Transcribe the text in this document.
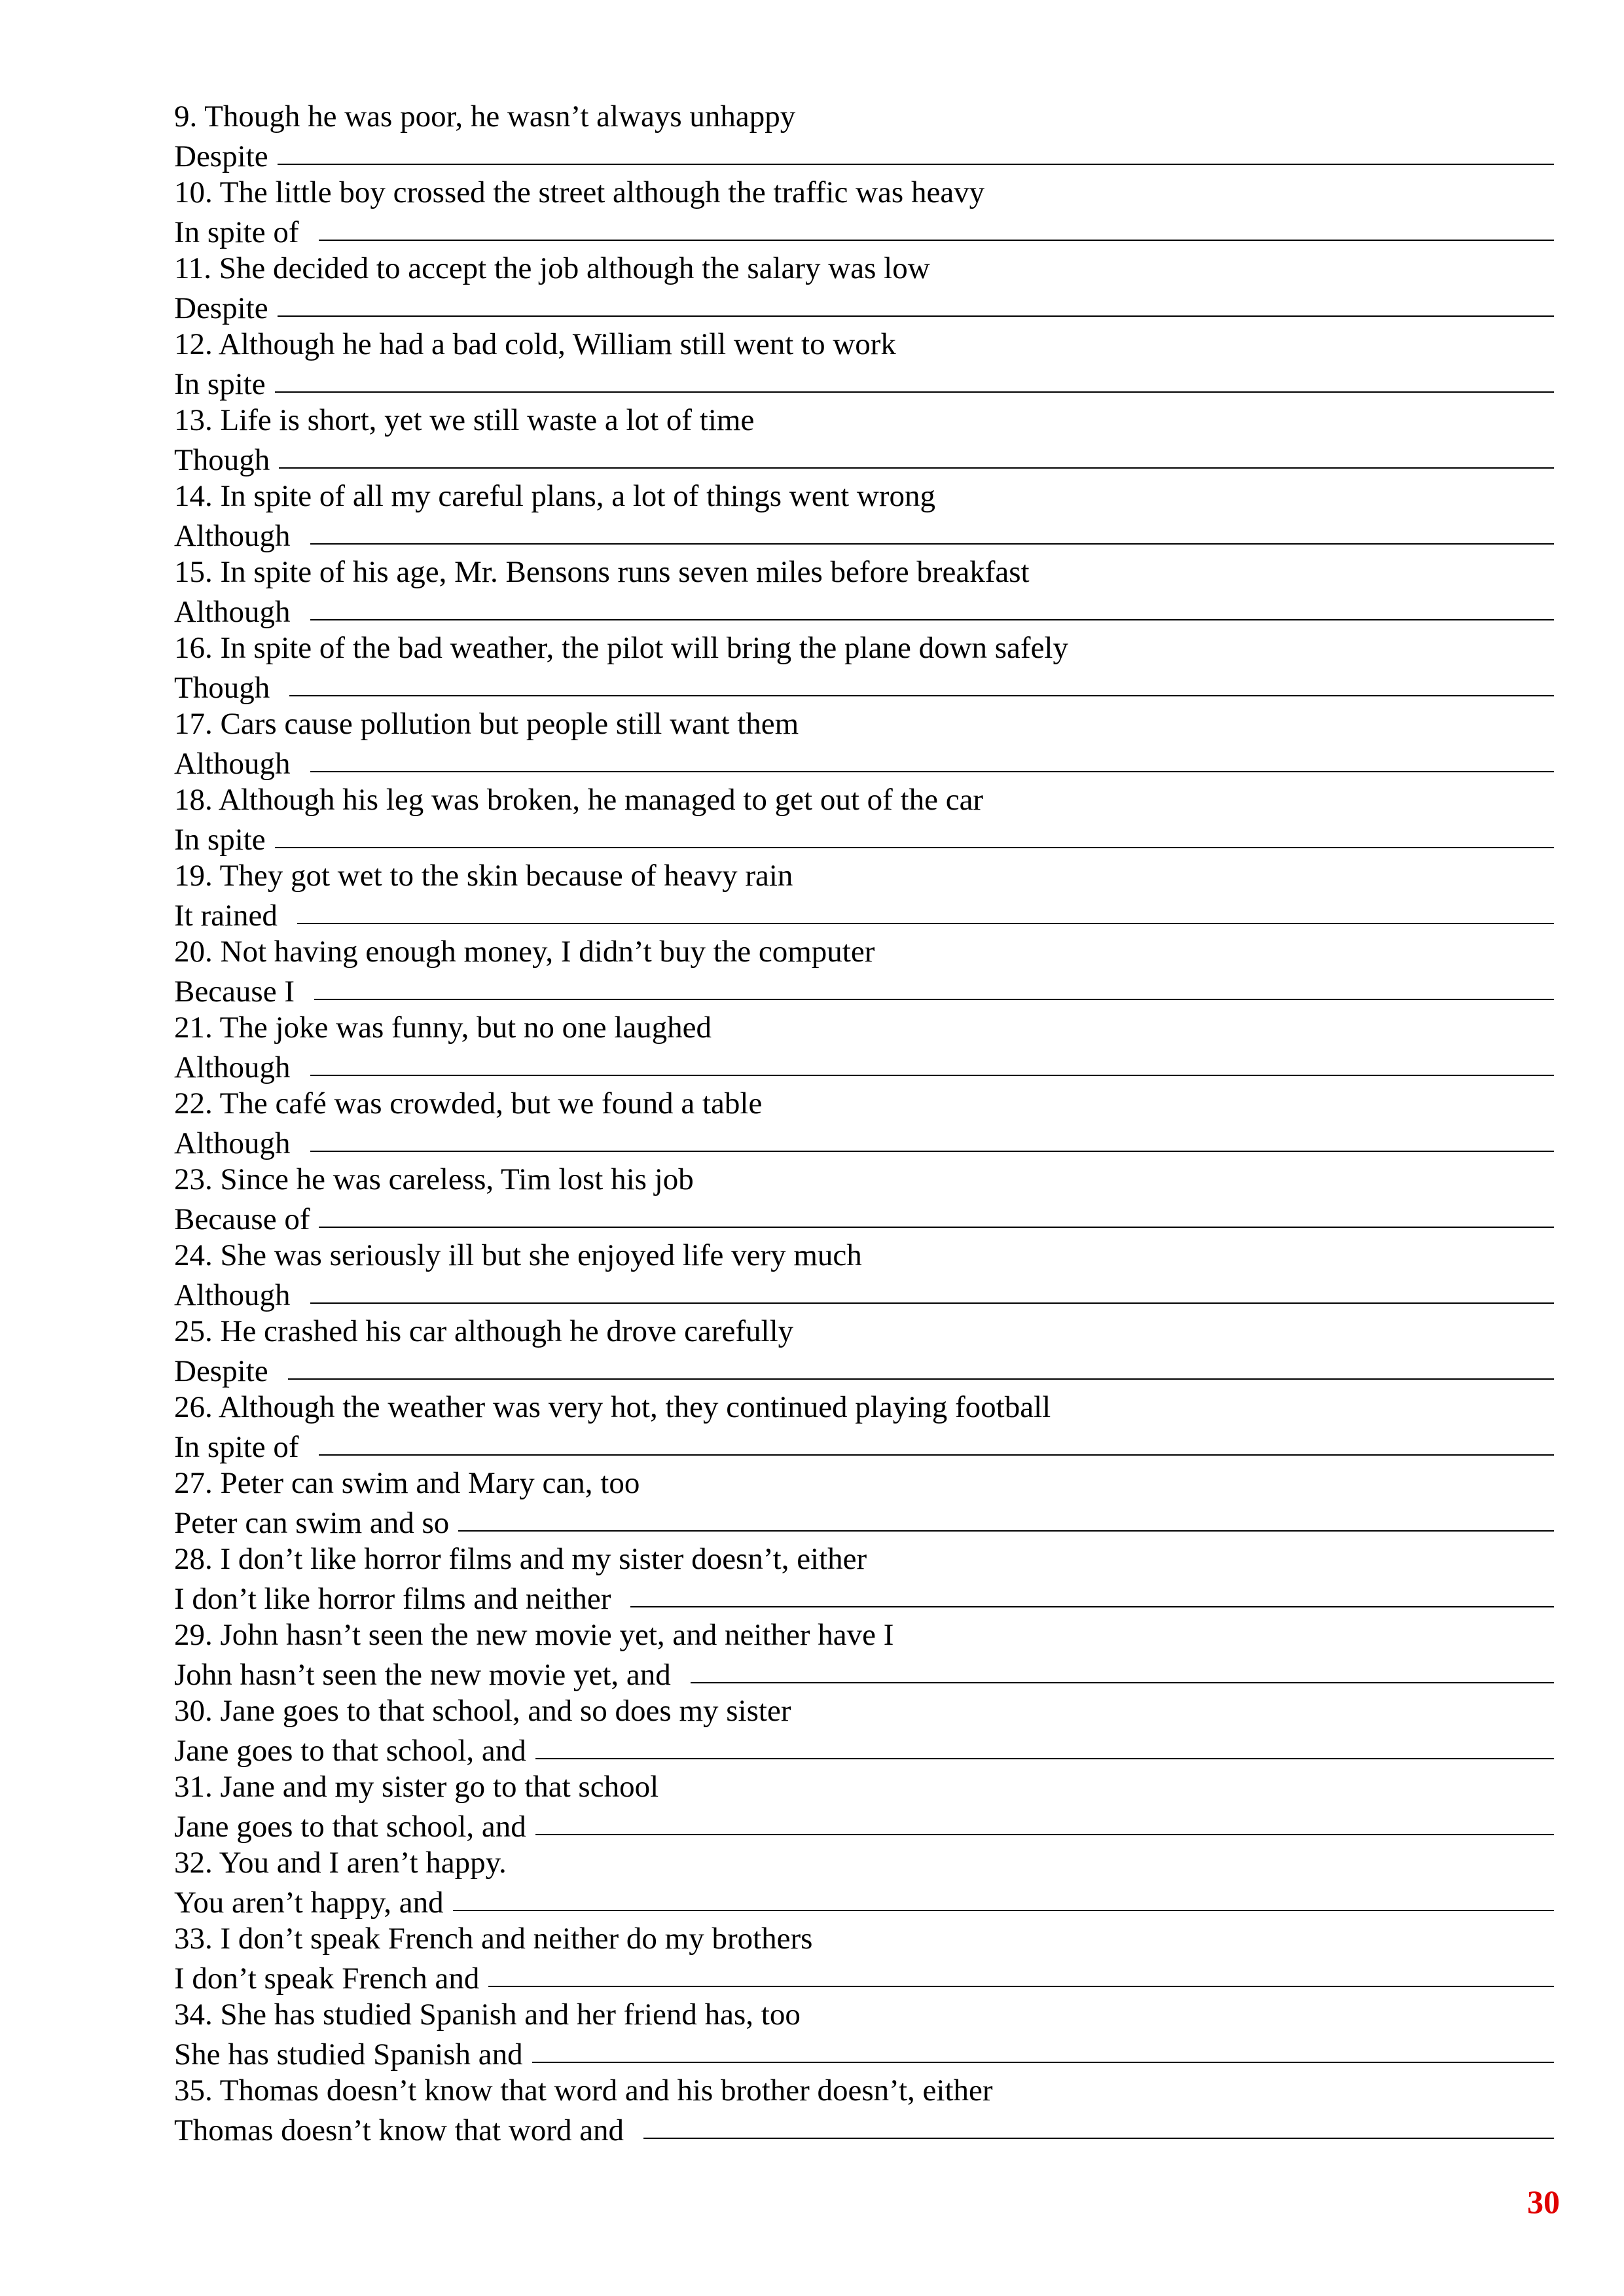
9. Though he was poor, he wasn’t always unhappy
Despite
10. The little boy crossed the street although the traffic was heavy
In spite of
11. She decided to accept the job although the salary was low
Despite
12. Although he had a bad cold, William still went to work
In spite
13. Life is short, yet we still waste a lot of time
Though
14. In spite of all my careful plans, a lot of things went wrong
Although
15. In spite of his age, Mr. Bensons runs seven miles before breakfast
Although
16. In spite of the bad weather, the pilot will bring the plane down safely
Though
17. Cars cause pollution but people still want them
Although
18. Although his leg was broken, he managed to get out of the car
In spite
19. They got wet to the skin because of heavy rain
It rained
20. Not having enough money, I didn’t buy the computer
Because I
21. The joke was funny, but no one laughed
Although
22. The café was crowded, but we found a table
Although
23. Since he was careless, Tim lost his job
Because of
24. She was seriously ill but she enjoyed life very much
Although
25. He crashed his car although he drove carefully
Despite
26. Although the weather was very hot, they continued playing football
In spite of
27. Peter can swim and Mary can, too
Peter can swim and so
28. I don’t like horror films and my sister doesn’t, either
I don’t like horror films and neither
29. John hasn’t seen the new movie yet, and neither have I
John hasn’t seen the new movie yet, and
30. Jane goes to that school, and so does my sister
Jane goes to that school, and
31. Jane and my sister go to that school
Jane goes to that school, and
32. You and I aren’t happy.
You aren’t happy, and
33. I don’t speak French and neither do my brothers
I don’t speak French and
34. She has studied Spanish and her friend has, too
She has studied Spanish and
35. Thomas doesn’t know that word and his brother doesn’t, either
Thomas doesn’t know that word and
30
